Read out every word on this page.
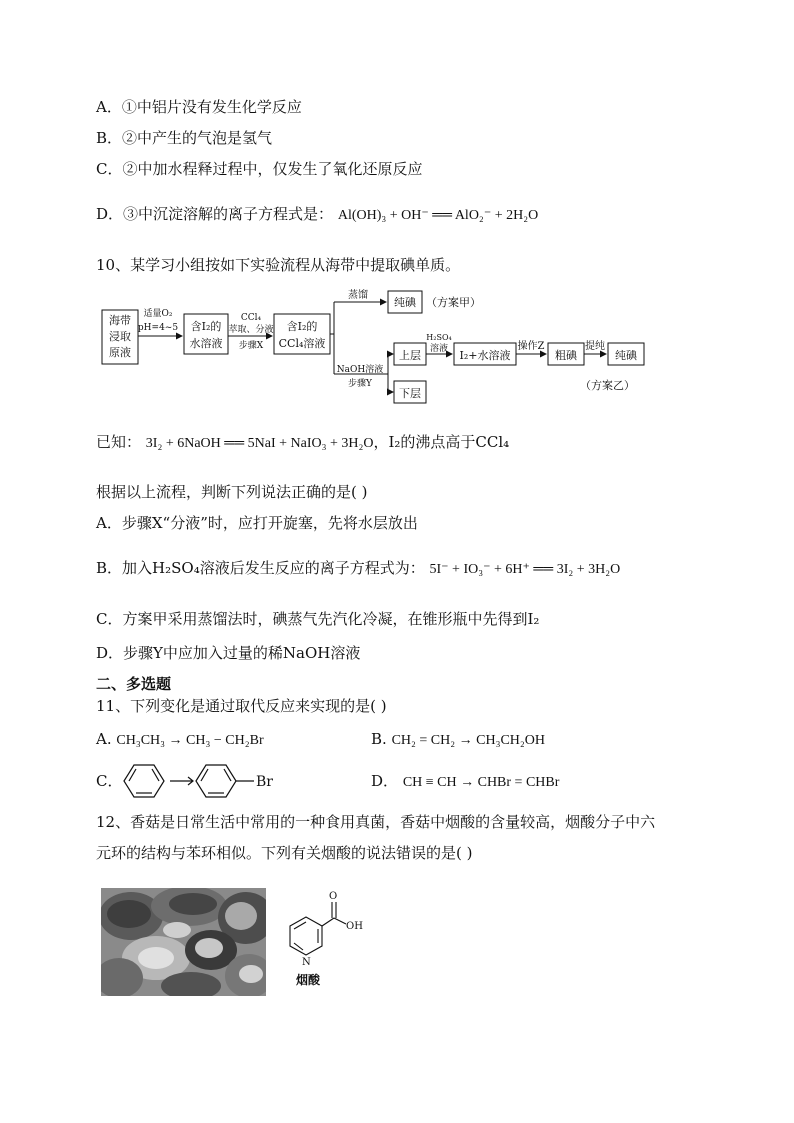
A．①中铝片没有发生化学反应
B．②中产生的气泡是氢气
C．②中加水程释过程中，仅发生了氧化还原反应
D．③中沉淀溶解的离子方程式是： Al(OH)₃ + OH⁻ ══ AlO₂⁻ + 2H₂O
10、某学习小组按如下实验流程从海带中提取碘单质。
海带
浸取
原液
适量O₂
pH=4~5 含I₂的
水溶液
CCl₄
萃取、分液
步骤X
含I₂的
CCl₄溶液
蒸馏
纯碘 （方案甲）
NaOH溶液
步骤Y
上层
下层
H₂SO₄
溶液 I₂+水溶液
操作Z
粗碘
提纯
纯碘
（方案乙）
已知： 3I₂ + 6NaOH ══ 5NaI + NaIO₃ + 3H₂O，I₂的沸点高于CCl₄
根据以上流程，判断下列说法正确的是( )
A．步骤X“分液”时，应打开旋塞，先将水层放出
B．加入H₂SO₄溶液后发生反应的离子方程式为： 5I⁻ + IO₃⁻ + 6H⁺ ══ 3I₂ + 3H₂O
C．方案甲采用蒸馏法时，碘蒸气先汽化冷凝，在锥形瓶中先得到I₂
D．步骤Y中应加入过量的稀NaOH溶液
二、多选题
11、下列变化是通过取代反应来实现的是( )
A. CH₃CH₃ → CH₃ − CH₂Br	B. CH₂ = CH₂ → CH₃CH₂OH
C．	Br	D． CH ≡ CH → CHBr = CHBr
12、香菇是日常生活中常用的一种食用真菌，香菇中烟酸的含量较高，烟酸分子中六
元环的结构与苯环相似。下列有关烟酸的说法错误的是( )
O
OH
N
烟酸
